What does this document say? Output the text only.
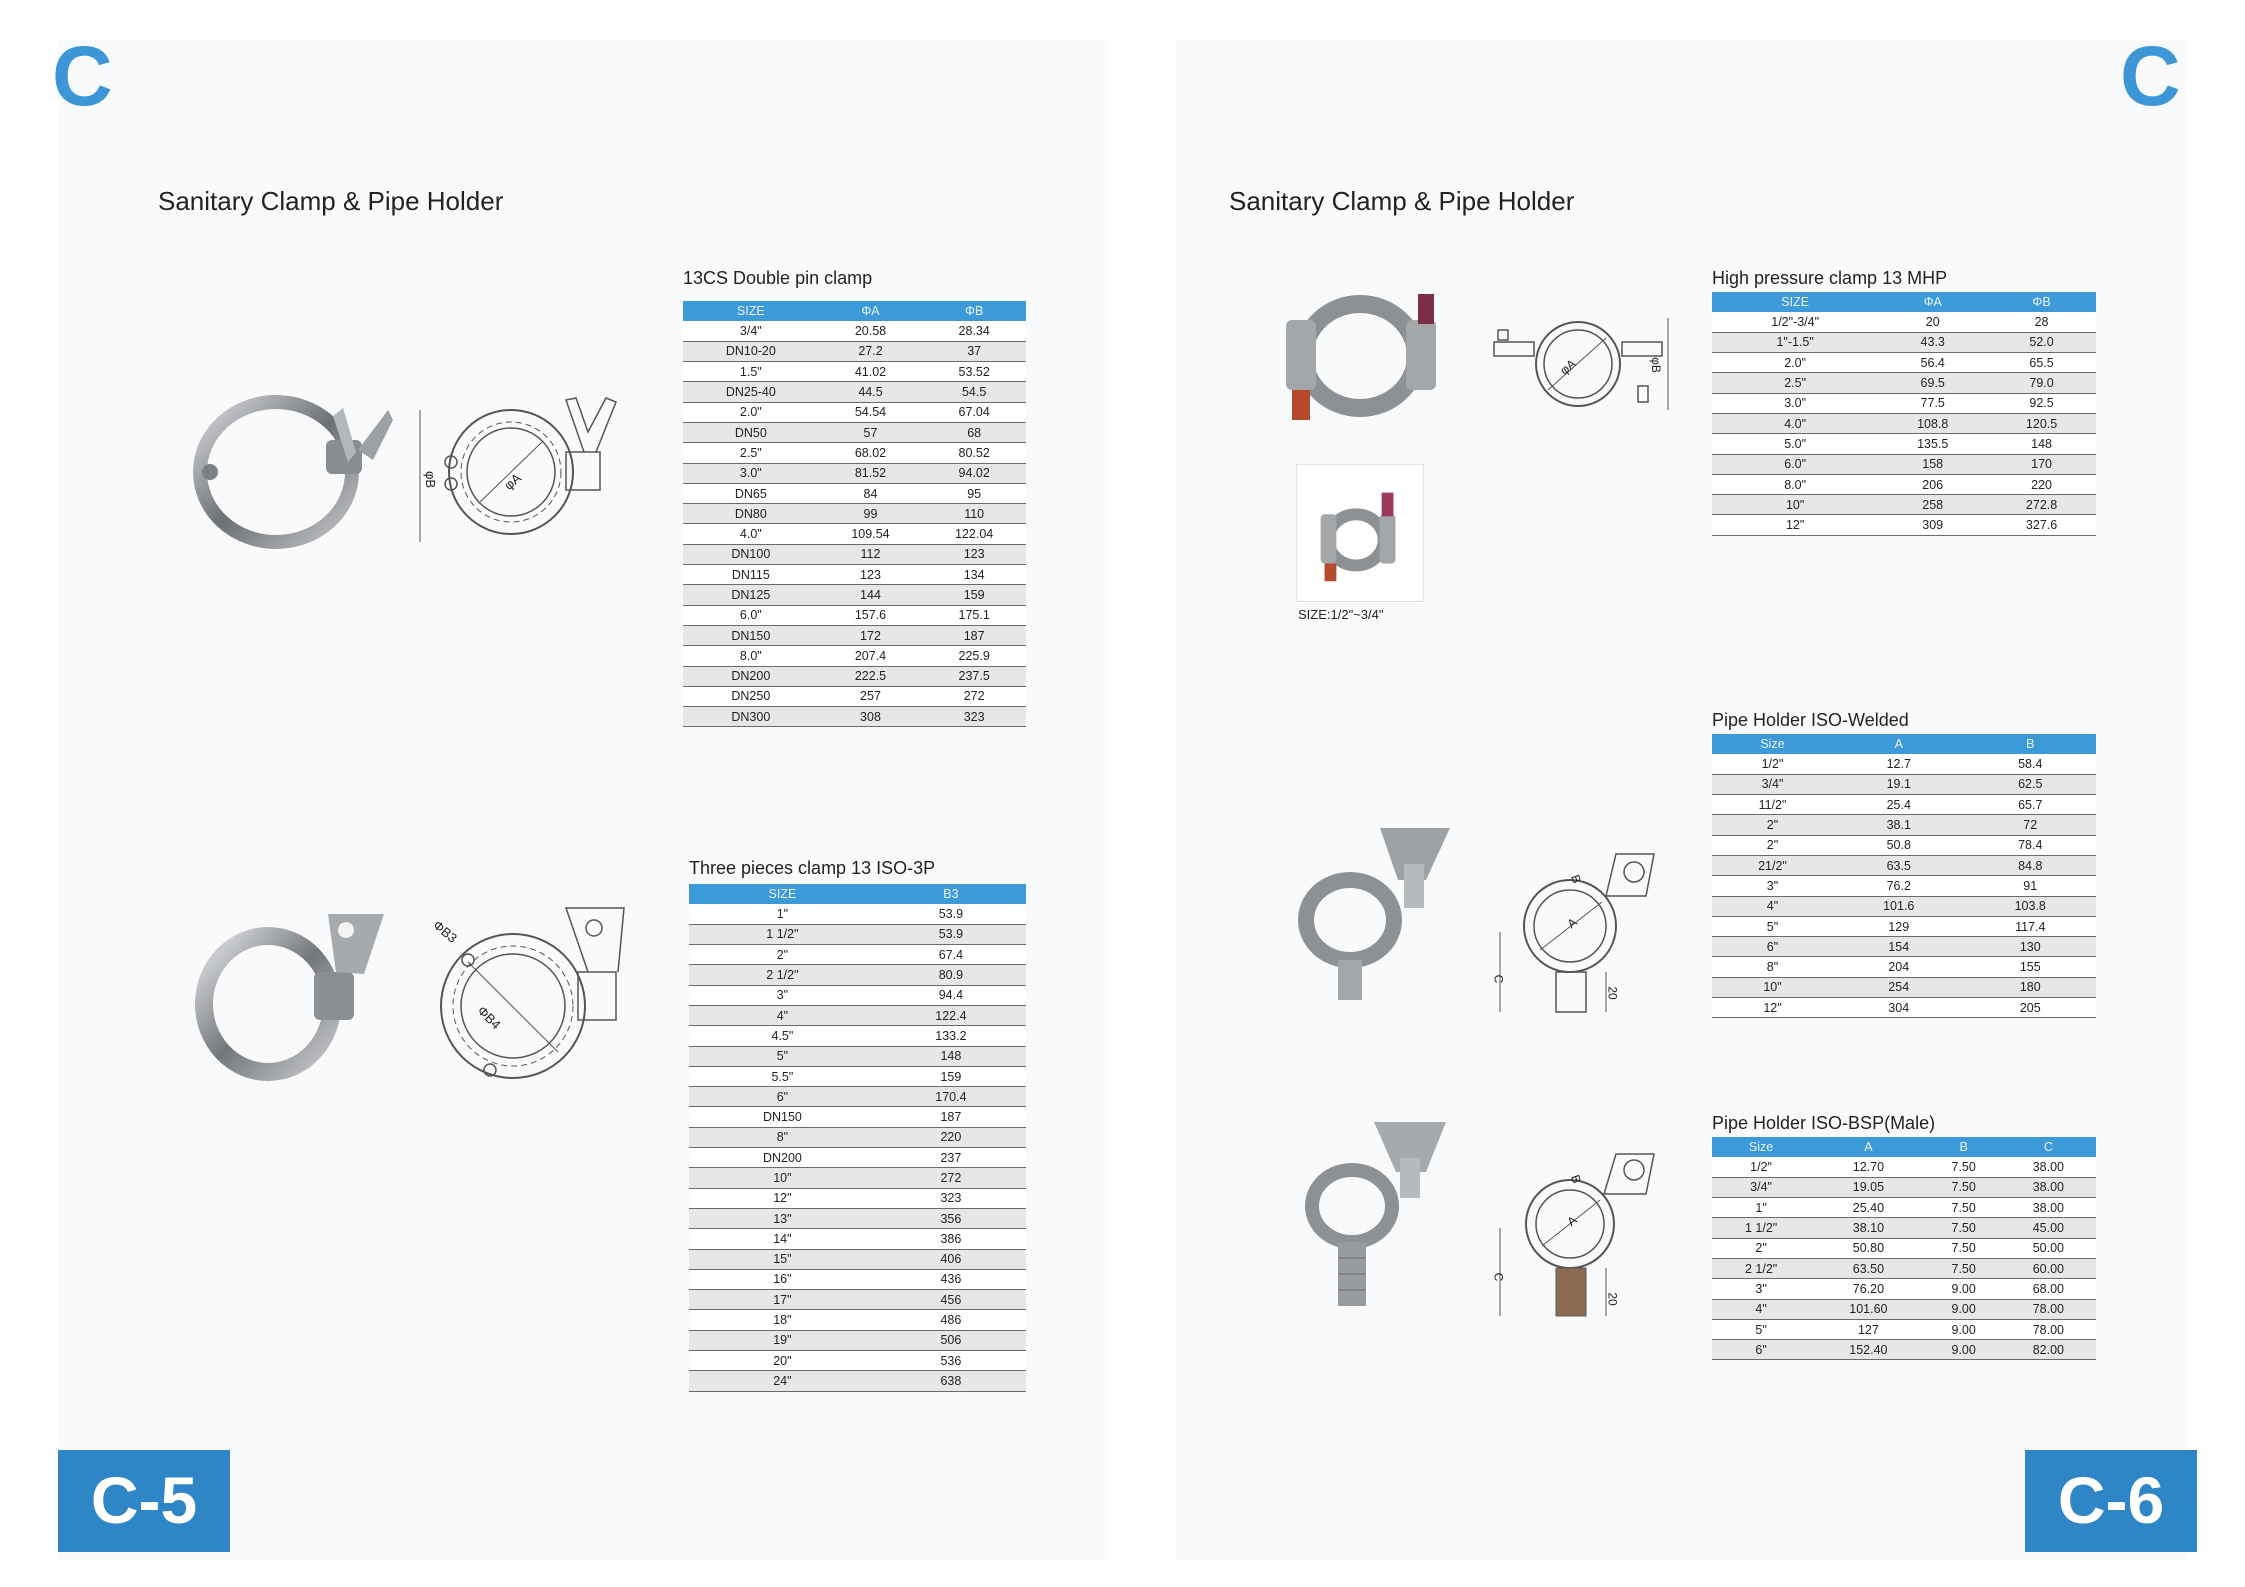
C
Sanitary Clamp & Pipe Holder
φA
φB
13CS Double pin clamp
SIZE	ΦA	ΦB
3/4"	20.58	28.34
DN10-20	27.2	37
1.5"	41.02	53.52
DN25-40	44.5	54.5
2.0"	54.54	67.04
DN50	57	68
2.5"	68.02	80.52
3.0"	81.52	94.02
DN65	84	95
DN80	99	110
4.0"	109.54	122.04
DN100	112	123
DN115	123	134
DN125	144	159
6.0"	157.6	175.1
DN150	172	187
8.0"	207.4	225.9
DN200	222.5	237.5
DN250	257	272
DN300	308	323
ΦB3
ΦB4
Three pieces clamp 13 ISO-3P
SIZE	B3
1"	53.9
1 1/2"	53.9
2"	67.4
2 1/2"	80.9
3"	94.4
4"	122.4
4.5"	133.2
5"	148
5.5"	159
6"	170.4
DN150	187
8"	220
DN200	237
10"	272
12"	323
13"	356
14"	386
15"	406
16"	436
17"	456
18"	486
19"	506
20"	536
24"	638
C-5
C
Sanitary Clamp & Pipe Holder
φA	φB
SIZE:1/2"~3/4"
High pressure clamp 13 MHP
SIZE	ΦA	ΦB
1/2"-3/4"	20	28
1"-1.5"	43.3	52.0
2.0"	56.4	65.5
2.5"	69.5	79.0
3.0"	77.5	92.5
4.0"	108.8	120.5
5.0"	135.5	148
6.0"	158	170
8.0"	206	220
10"	258	272.8
12"	309	327.6
A
B
C
20
Pipe Holder ISO-Welded
Size	A	B
1/2"	12.7	58.4
3/4"	19.1	62.5
11/2"	25.4	65.7
2"	38.1	72
2"	50.8	78.4
21/2"	63.5	84.8
3"	76.2	91
4"	101.6	103.8
5"	129	117.4
6"	154	130
8"	204	155
10"	254	180
12"	304	205
A
B
C
20
Pipe Holder ISO-BSP(Male)
Size	A	B	C
1/2"	12.70	7.50	38.00
3/4"	19.05	7.50	38.00
1"	25.40	7.50	38.00
1 1/2"	38.10	7.50	45.00
2"	50.80	7.50	50.00
2 1/2"	63.50	7.50	60.00
3"	76.20	9.00	68.00
4"	101.60	9.00	78.00
5"	127	9.00	78.00
6"	152.40	9.00	82.00
C-6
